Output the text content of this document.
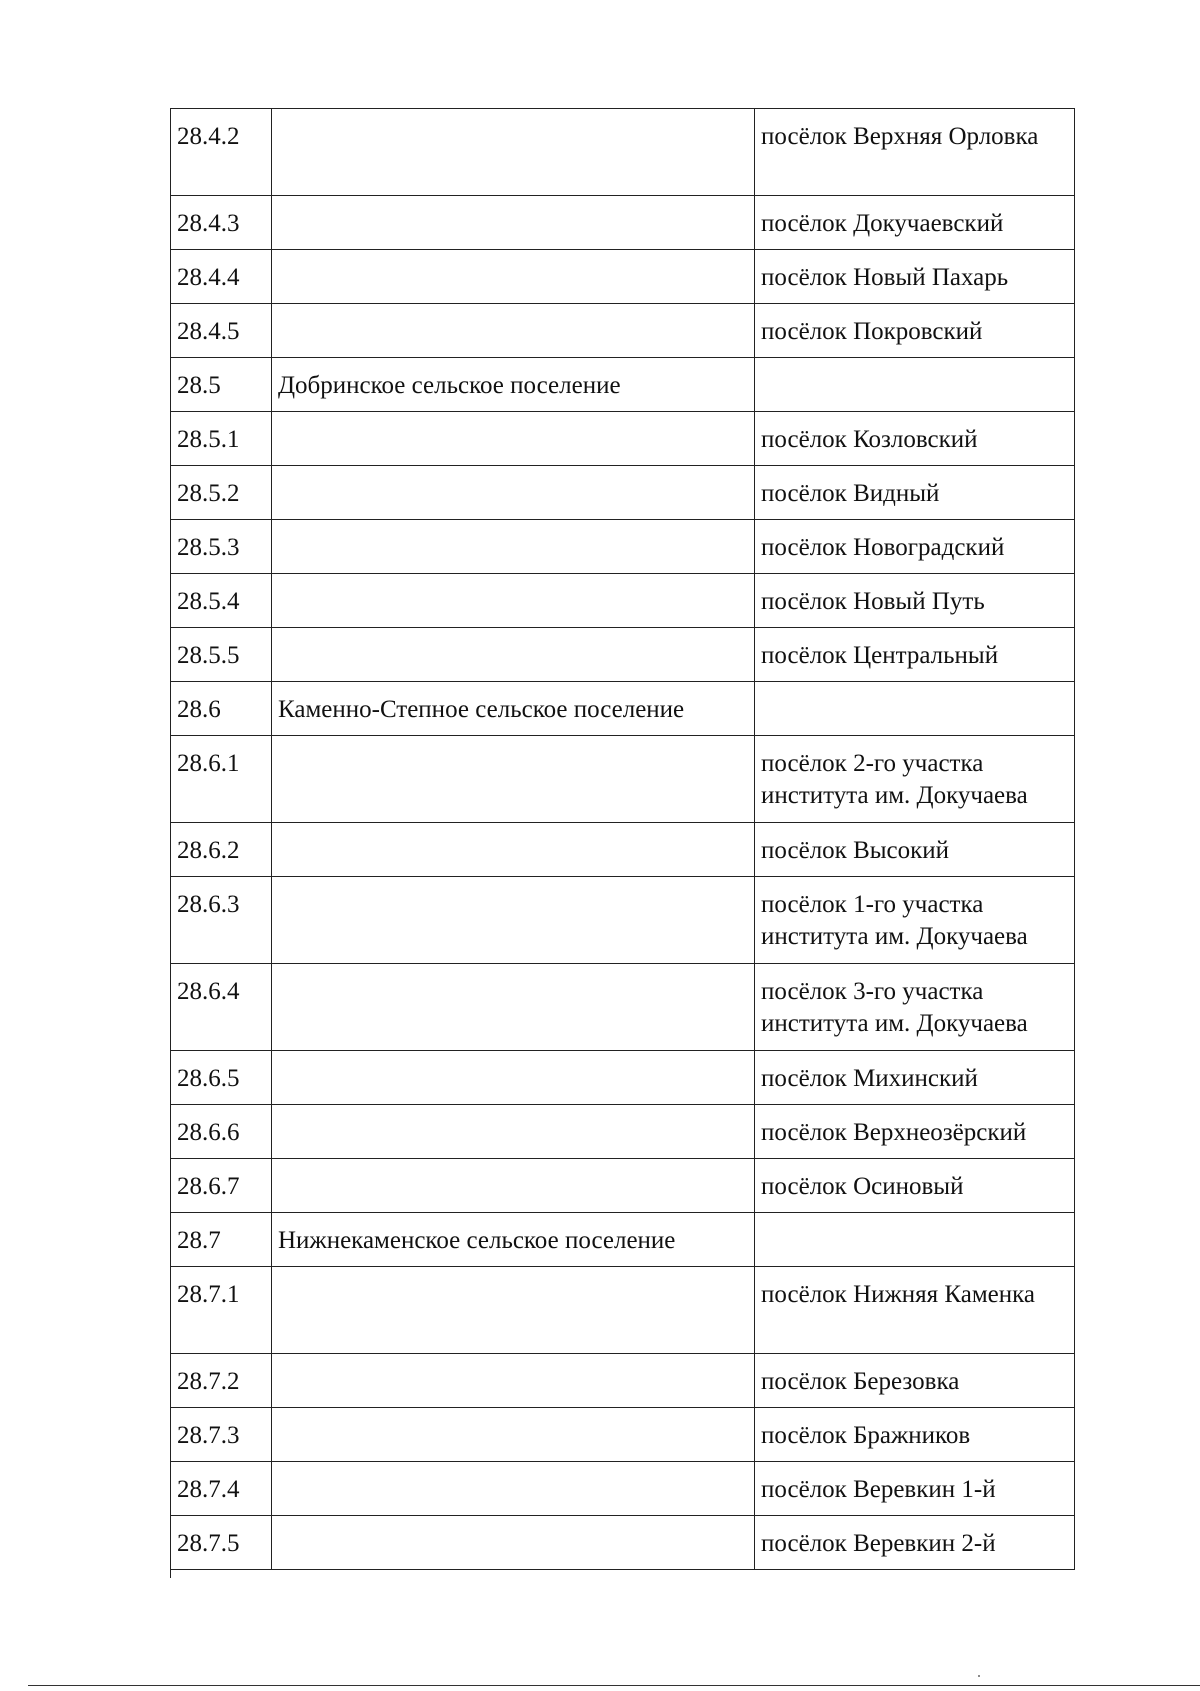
28.4.2		посёлок Верхняя Орловка
28.4.3		посёлок Докучаевский
28.4.4		посёлок Новый Пахарь
28.4.5		посёлок Покровский
28.5	Добринское сельское поселение	
28.5.1		посёлок Козловский
28.5.2		посёлок Видный
28.5.3		посёлок Новоградский
28.5.4		посёлок Новый Путь
28.5.5		посёлок Центральный
28.6	Каменно-Степное сельское поселение	
28.6.1		посёлок 2-го участка института им. Докучаева
28.6.2		посёлок Высокий
28.6.3		посёлок 1-го участка института им. Докучаева
28.6.4		посёлок 3-го участка института им. Докучаева
28.6.5		посёлок Михинский
28.6.6		посёлок Верхнеозёрский
28.6.7		посёлок Осиновый
28.7	Нижнекаменское сельское поселение	
28.7.1		посёлок Нижняя Каменка
28.7.2		посёлок Березовка
28.7.3		посёлок Бражников
28.7.4		посёлок Веревкин 1-й
28.7.5		посёлок Веревкин 2-й
